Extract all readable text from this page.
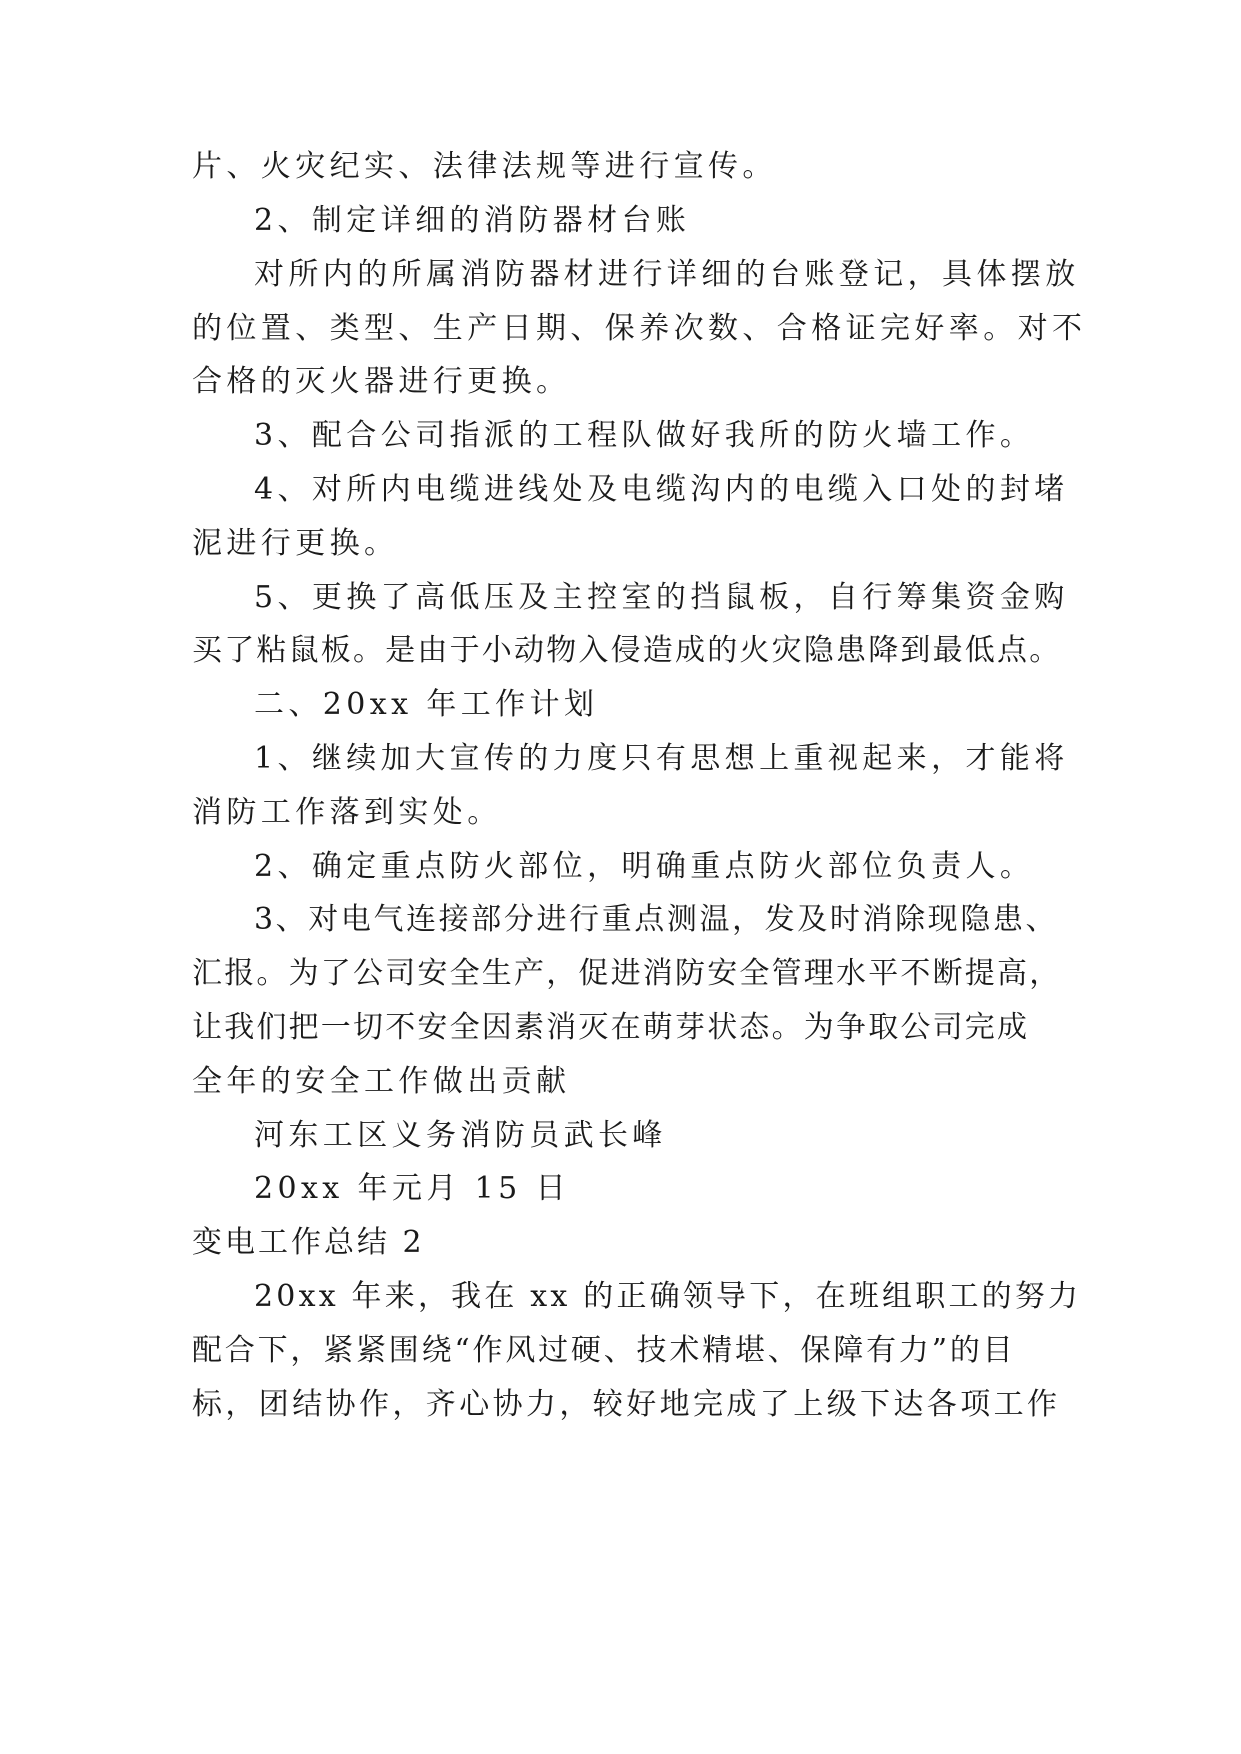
片、火灾纪实、法律法规等进行宣传。
2、制定详细的消防器材台账
对所内的所属消防器材进行详细的台账登记，具体摆放
的位置、类型、生产日期、保养次数、合格证完好率。对不
合格的灭火器进行更换。
3、配合公司指派的工程队做好我所的防火墙工作。
4、对所内电缆进线处及电缆沟内的电缆入口处的封堵
泥进行更换。
5、更换了高低压及主控室的挡鼠板，自行筹集资金购
买了粘鼠板。是由于小动物入侵造成的火灾隐患降到最低点。
二、20xx 年工作计划
1、继续加大宣传的力度只有思想上重视起来，才能将
消防工作落到实处。
2、确定重点防火部位，明确重点防火部位负责人。
3、对电气连接部分进行重点测温，发及时消除现隐患、
汇报。为了公司安全生产，促进消防安全管理水平不断提高，
让我们把一切不安全因素消灭在萌芽状态。为争取公司完成
全年的安全工作做出贡献
河东工区义务消防员武长峰
20xx 年元月 15 日
变电工作总结 2
20xx 年来，我在 xx 的正确领导下，在班组职工的努力
配合下，紧紧围绕“作风过硬、技术精堪、保障有力”的目
标，团结协作，齐心协力，较好地完成了上级下达各项工作
